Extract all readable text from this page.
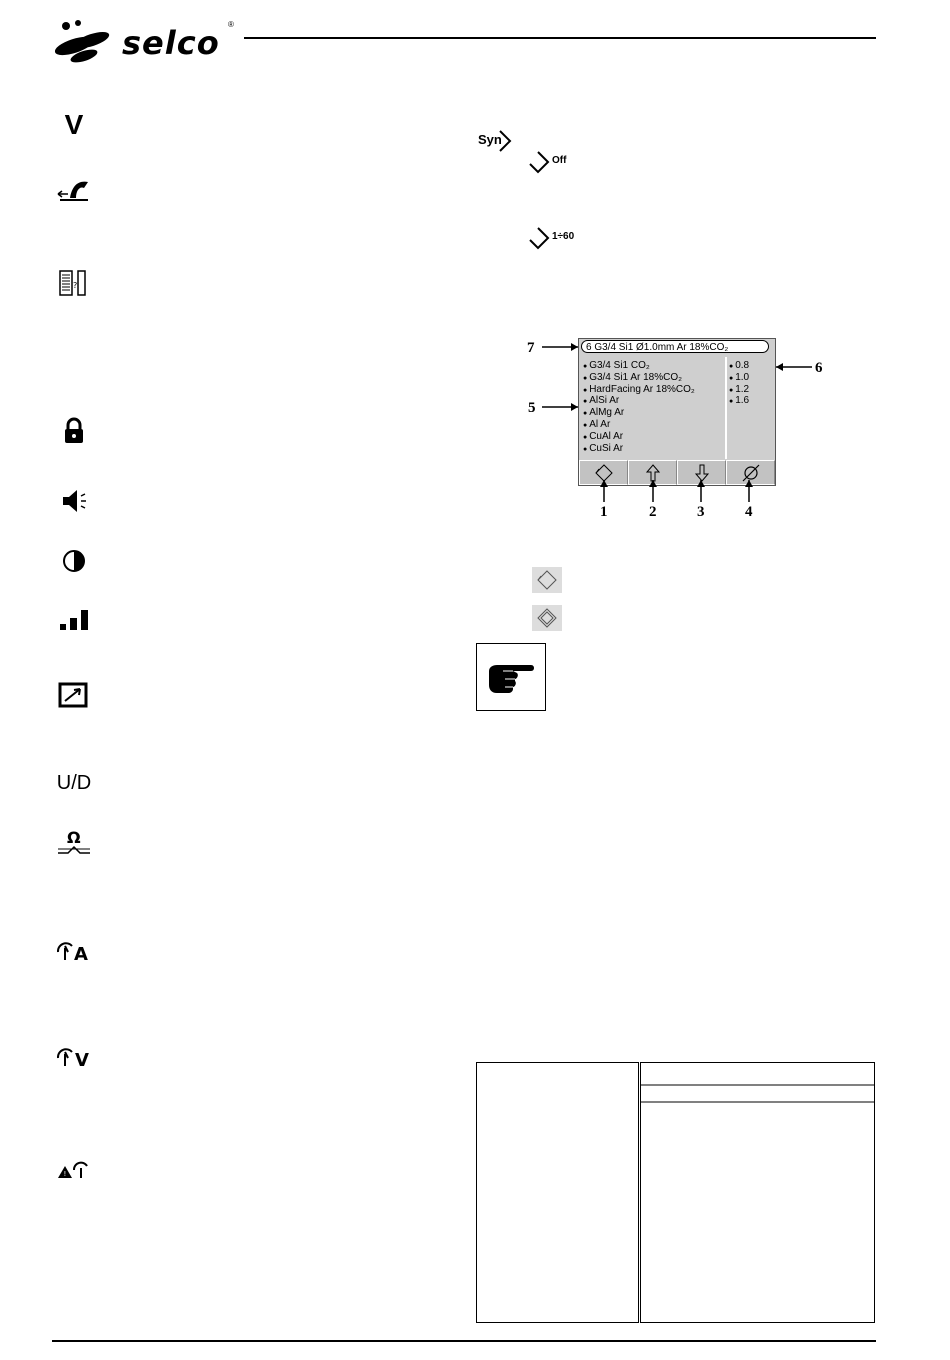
selco ®
V
?
U/D
Ω
A
V
!
Syn
Off
1÷60
6 G3/4 Si1 Ø1.0mm Ar 18%CO₂
● G3/4 Si1 CO₂
● G3/4 Si1 Ar 18%CO₂
● HardFacing Ar 18%CO₂
● AlSi Ar
● AlMg Ar
● Al Ar
● CuAl Ar
● CuSi Ar
● 0.8
● 1.0
● 1.2
● 1.6
7
5
6
1	2	3	4
